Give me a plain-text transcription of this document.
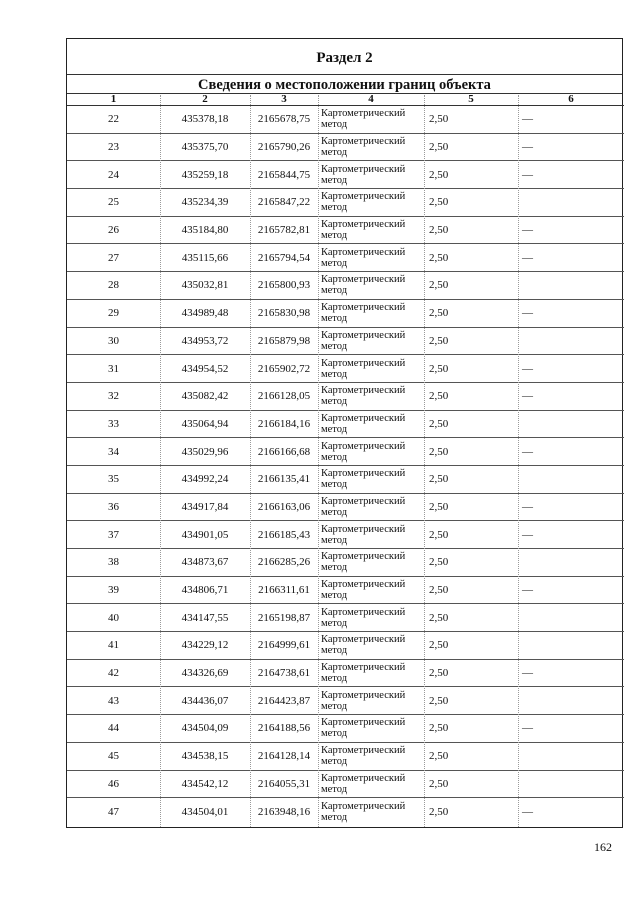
Раздел 2
Сведения о местоположении границ объекта
1	2	3	4	5	6
22	435378,18	2165678,75	Картометрический метод	2,50	—
23	435375,70	2165790,26	Картометрический метод	2,50	—
24	435259,18	2165844,75	Картометрический метод	2,50	—
25	435234,39	2165847,22	Картометрический метод	2,50	
26	435184,80	2165782,81	Картометрический метод	2,50	—
27	435115,66	2165794,54	Картометрический метод	2,50	—
28	435032,81	2165800,93	Картометрический метод	2,50	
29	434989,48	2165830,98	Картометрический метод	2,50	—
30	434953,72	2165879,98	Картометрический метод	2,50	
31	434954,52	2165902,72	Картометрический метод	2,50	—
32	435082,42	2166128,05	Картометрический метод	2,50	—
33	435064,94	2166184,16	Картометрический метод	2,50	
34	435029,96	2166166,68	Картометрический метод	2,50	—
35	434992,24	2166135,41	Картометрический метод	2,50	
36	434917,84	2166163,06	Картометрический метод	2,50	—
37	434901,05	2166185,43	Картометрический метод	2,50	—
38	434873,67	2166285,26	Картометрический метод	2,50	
39	434806,71	2166311,61	Картометрический метод	2,50	—
40	434147,55	2165198,87	Картометрический метод	2,50	
41	434229,12	2164999,61	Картометрический метод	2,50	
42	434326,69	2164738,61	Картометрический метод	2,50	—
43	434436,07	2164423,87	Картометрический метод	2,50	
44	434504,09	2164188,56	Картометрический метод	2,50	—
45	434538,15	2164128,14	Картометрический метод	2,50	
46	434542,12	2164055,31	Картометрический метод	2,50	
47	434504,01	2163948,16	Картометрический метод	2,50	—
162
